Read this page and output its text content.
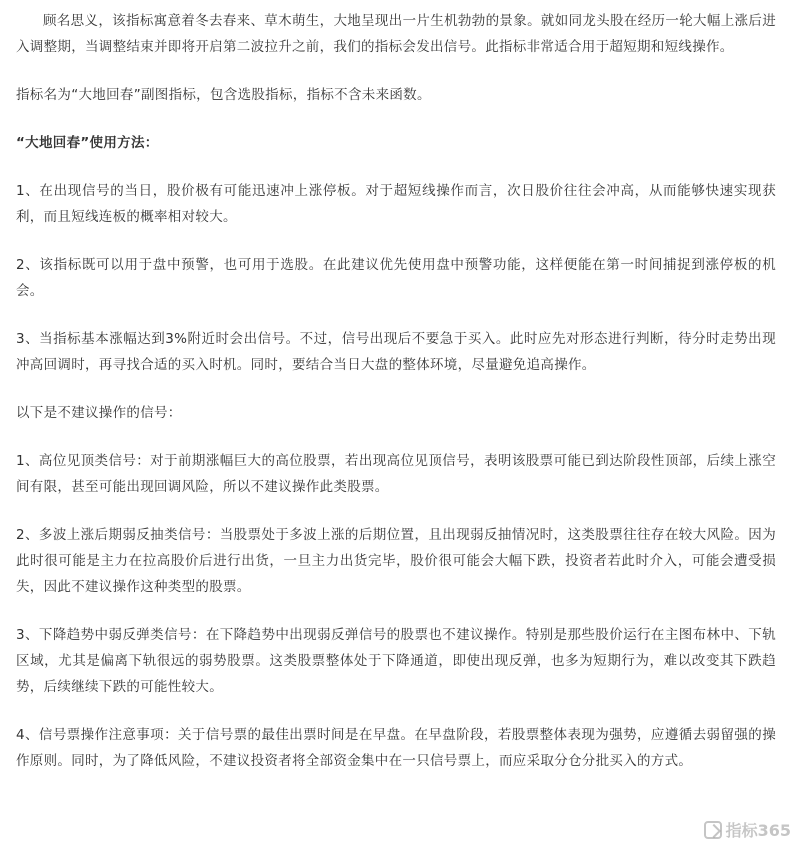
顾名思义，该指标寓意着冬去春来、草木萌生，大地呈现出一片生机勃勃的景象。就如同龙头股在经历一轮大幅上涨后进入调整期，当调整结束并即将开启第二波拉升之前，我们的指标会发出信号。此指标非常适合用于超短期和短线操作。

指标名为“大地回春”副图指标，包含选股指标，指标不含未来函数。

“大地回春”使用方法：

1、在出现信号的当日，股价极有可能迅速冲上涨停板。对于超短线操作而言，次日股价往往会冲高，从而能够快速实现获利，而且短线连板的概率相对较大。

2、该指标既可以用于盘中预警，也可用于选股。在此建议优先使用盘中预警功能，这样便能在第一时间捕捉到涨停板的机会。

3、当指标基本涨幅达到3%附近时会出信号。不过，信号出现后不要急于买入。此时应先对形态进行判断，待分时走势出现冲高回调时，再寻找合适的买入时机。同时，要结合当日大盘的整体环境，尽量避免追高操作。

以下是不建议操作的信号：

1、高位见顶类信号：对于前期涨幅巨大的高位股票，若出现高位见顶信号，表明该股票可能已到达阶段性顶部，后续上涨空间有限，甚至可能出现回调风险，所以不建议操作此类股票。

2、多波上涨后期弱反抽类信号：当股票处于多波上涨的后期位置，且出现弱反抽情况时，这类股票往往存在较大风险。因为此时很可能是主力在拉高股价后进行出货，一旦主力出货完毕，股价很可能会大幅下跌，投资者若此时介入，可能会遭受损失，因此不建议操作这种类型的股票。

3、下降趋势中弱反弹类信号：在下降趋势中出现弱反弹信号的股票也不建议操作。特别是那些股价运行在主图布林中、下轨区域，尤其是偏离下轨很远的弱势股票。这类股票整体处于下降通道，即使出现反弹，也多为短期行为，难以改变其下跌趋势，后续继续下跌的可能性较大。

4、信号票操作注意事项：关于信号票的最佳出票时间是在早盘。在早盘阶段，若股票整体表现为强势，应遵循去弱留强的操作原则。同时，为了降低风险，不建议投资者将全部资金集中在一只信号票上，而应采取分仓分批买入的方式。

指标365
